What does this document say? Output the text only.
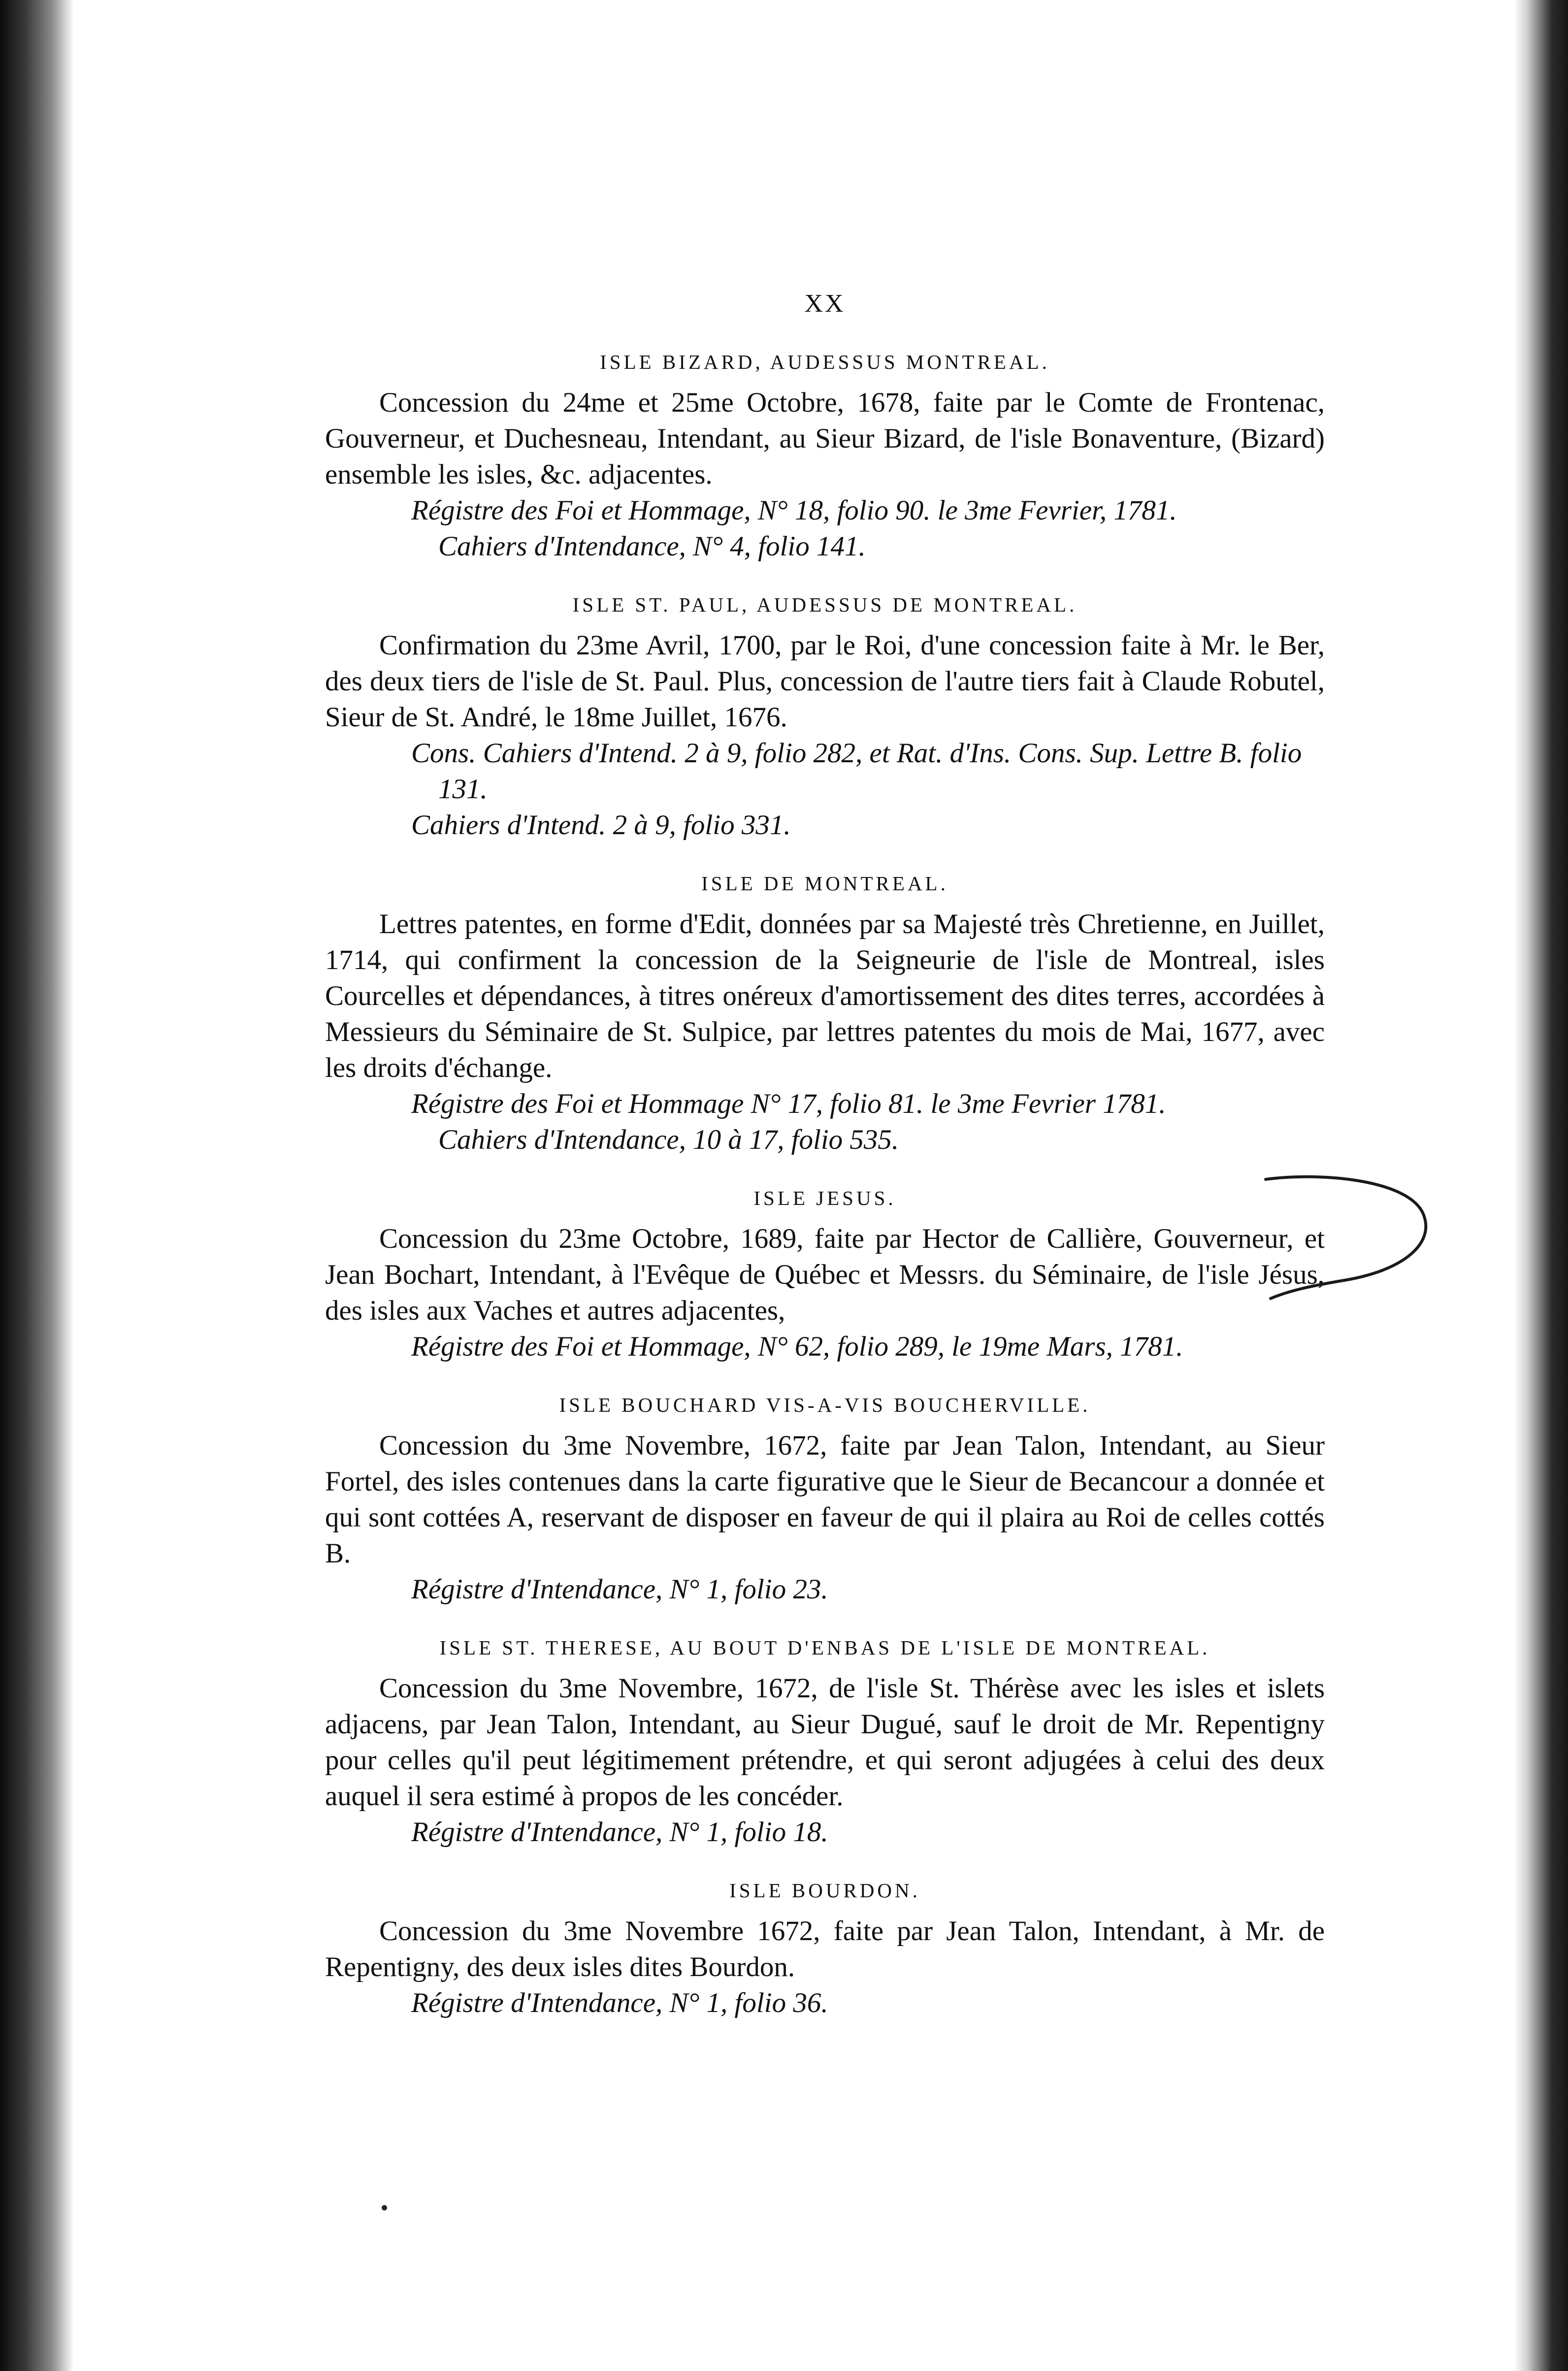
XX
ISLE BIZARD, AUDESSUS MONTREAL.

Concession du 24me et 25me Octobre, 1678, faite par le Comte de Frontenac, Gouverneur, et Duchesneau, Intendant, au Sieur Bizard, de l'isle Bonaventure, (Bizard) ensemble les isles, &c. adjacentes.

Régistre des Foi et Hommage, N° 18, folio 90. le 3me Fevrier, 1781.

Cahiers d'Intendance, N° 4, folio 141.

ISLE ST. PAUL, AUDESSUS DE MONTREAL.

Confirmation du 23me Avril, 1700, par le Roi, d'une concession faite à Mr. le Ber, des deux tiers de l'isle de St. Paul. Plus, concession de l'autre tiers fait à Claude Robutel, Sieur de St. André, le 18me Juillet, 1676.

Cons. Cahiers d'Intend. 2 à 9, folio 282, et Rat. d'Ins. Cons. Sup. Lettre B. folio 131.

Cahiers d'Intend. 2 à 9, folio 331.

ISLE DE MONTREAL.

Lettres patentes, en forme d'Edit, données par sa Majesté très Chretienne, en Juillet, 1714, qui confirment la concession de la Seigneurie de l'isle de Montreal, isles Courcelles et dépendances, à titres onéreux d'amortissement des dites terres, accordées à Messieurs du Séminaire de St. Sulpice, par lettres patentes du mois de Mai, 1677, avec les droits d'échange.

Régistre des Foi et Hommage N° 17, folio 81. le 3me Fevrier 1781.

Cahiers d'Intendance, 10 à 17, folio 535.

ISLE JESUS.

Concession du 23me Octobre, 1689, faite par Hector de Callière, Gouverneur, et Jean Bochart, Intendant, à l'Evêque de Québec et Messrs. du Séminaire, de l'isle Jésus, des isles aux Vaches et autres adjacentes,

Régistre des Foi et Hommage, N° 62, folio 289, le 19me Mars, 1781.

ISLE BOUCHARD VIS-A-VIS BOUCHERVILLE.

Concession du 3me Novembre, 1672, faite par Jean Talon, Intendant, au Sieur Fortel, des isles contenues dans la carte figurative que le Sieur de Becancour a donnée et qui sont cottées A, reservant de disposer en faveur de qui il plaira au Roi de celles cottés B.

Régistre d'Intendance, N° 1, folio 23.

ISLE ST. THERESE, AU BOUT D'ENBAS DE L'ISLE DE MONTREAL.

Concession du 3me Novembre, 1672, de l'isle St. Thérèse avec les isles et islets adjacens, par Jean Talon, Intendant, au Sieur Dugué, sauf le droit de Mr. Repentigny pour celles qu'il peut légitimement prétendre, et qui seront adjugées à celui des deux auquel il sera estimé à propos de les concéder.

Régistre d'Intendance, N° 1, folio 18.

ISLE BOURDON.

Concession du 3me Novembre 1672, faite par Jean Talon, Intendant, à Mr. de Repentigny, des deux isles dites Bourdon.

Régistre d'Intendance, N° 1, folio 36.
